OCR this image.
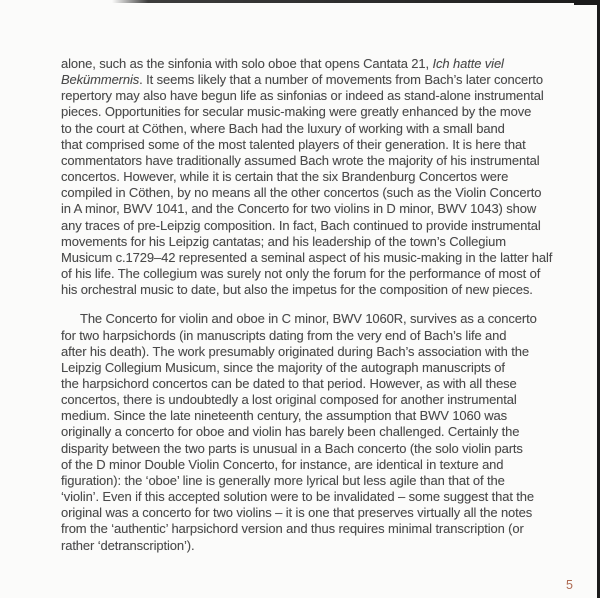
alone, such as the sinfonia with solo oboe that opens Cantata 21, Ich hatte viel
Bekümmernis. It seems likely that a number of movements from Bach’s later concerto
repertory may also have begun life as sinfonias or indeed as stand-alone instrumental
pieces. Opportunities for secular music-making were greatly enhanced by the move
to the court at Cöthen, where Bach had the luxury of working with a small band
that comprised some of the most talented players of their generation. It is here that
commentators have traditionally assumed Bach wrote the majority of his instrumental
concertos. However, while it is certain that the six Brandenburg Concertos were
compiled in Cöthen, by no means all the other concertos (such as the Violin Concerto
in A minor, BWV 1041, and the Concerto for two violins in D minor, BWV 1043) show
any traces of pre-Leipzig composition. In fact, Bach continued to provide instrumental
movements for his Leipzig cantatas; and his leadership of the town’s Collegium
Musicum c.1729–42 represented a seminal aspect of his music-making in the latter half
of his life. The collegium was surely not only the forum for the performance of most of
his orchestral music to date, but also the impetus for the composition of new pieces.
The Concerto for violin and oboe in C minor, BWV 1060R, survives as a concerto
for two harpsichords (in manuscripts dating from the very end of Bach’s life and
after his death). The work presumably originated during Bach’s association with the
Leipzig Collegium Musicum, since the majority of the autograph manuscripts of
the harpsichord concertos can be dated to that period. However, as with all these
concertos, there is undoubtedly a lost original composed for another instrumental
medium. Since the late nineteenth century, the assumption that BWV 1060 was
originally a concerto for oboe and violin has barely been challenged. Certainly the
disparity between the two parts is unusual in a Bach concerto (the solo violin parts
of the D minor Double Violin Concerto, for instance, are identical in texture and
figuration): the ‘oboe’ line is generally more lyrical but less agile than that of the
‘violin’. Even if this accepted solution were to be invalidated – some suggest that the
original was a concerto for two violins – it is one that preserves virtually all the notes
from the ‘authentic’ harpsichord version and thus requires minimal transcription (or
rather ‘detranscription’).
5
